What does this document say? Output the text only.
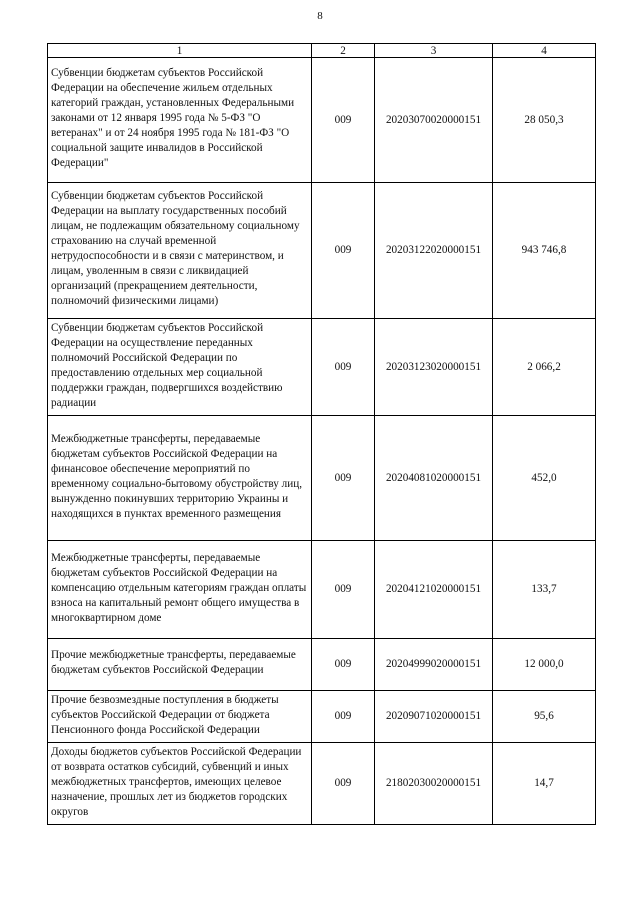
8
1	2	3	4
Субвенции бюджетам субъектов Российской Федерации на обеспечение жильем отдельных категорий граждан, установленных Федеральными законами от 12 января 1995 года № 5-ФЗ "О ветеранах" и от 24 ноября 1995 года № 181-ФЗ "О социальной защите инвалидов в Российской Федерации"	009	20203070020000151	28 050,3
Субвенции бюджетам субъектов Российской Федерации на выплату государственных пособий лицам, не подлежащим обязательному социальному страхованию на случай временной нетрудоспособности и в связи с материнством, и лицам, уволенным в связи с ликвидацией организаций (прекращением деятельности, полномочий физическими лицами)	009	20203122020000151	943 746,8
Субвенции бюджетам субъектов Российской Федерации на осуществление переданных полномочий Российской Федерации по предоставлению отдельных мер социальной поддержки граждан, подвергшихся воздействию радиации	009	20203123020000151	2 066,2
Межбюджетные трансферты, передаваемые бюджетам субъектов Российской Федерации на финансовое обеспечение мероприятий по временному социально-бытовому обустройству лиц, вынужденно покинувших территорию Украины и находящихся в пунктах временного размещения	009	20204081020000151	452,0
Межбюджетные трансферты, передаваемые бюджетам субъектов Российской Федерации на компенсацию отдельным категориям граждан оплаты взноса на капитальный ремонт общего имущества в многоквартирном доме	009	20204121020000151	133,7
Прочие межбюджетные трансферты, передаваемые бюджетам субъектов Российской Федерации	009	20204999020000151	12 000,0
Прочие безвозмездные поступления в бюджеты субъектов Российской Федерации от бюджета Пенсионного фонда Российской Федерации	009	20209071020000151	95,6
Доходы бюджетов субъектов Российской Федерации от возврата остатков субсидий, субвенций и иных межбюджетных трансфертов, имеющих целевое назначение, прошлых лет из бюджетов городских округов	009	21802030020000151	14,7
